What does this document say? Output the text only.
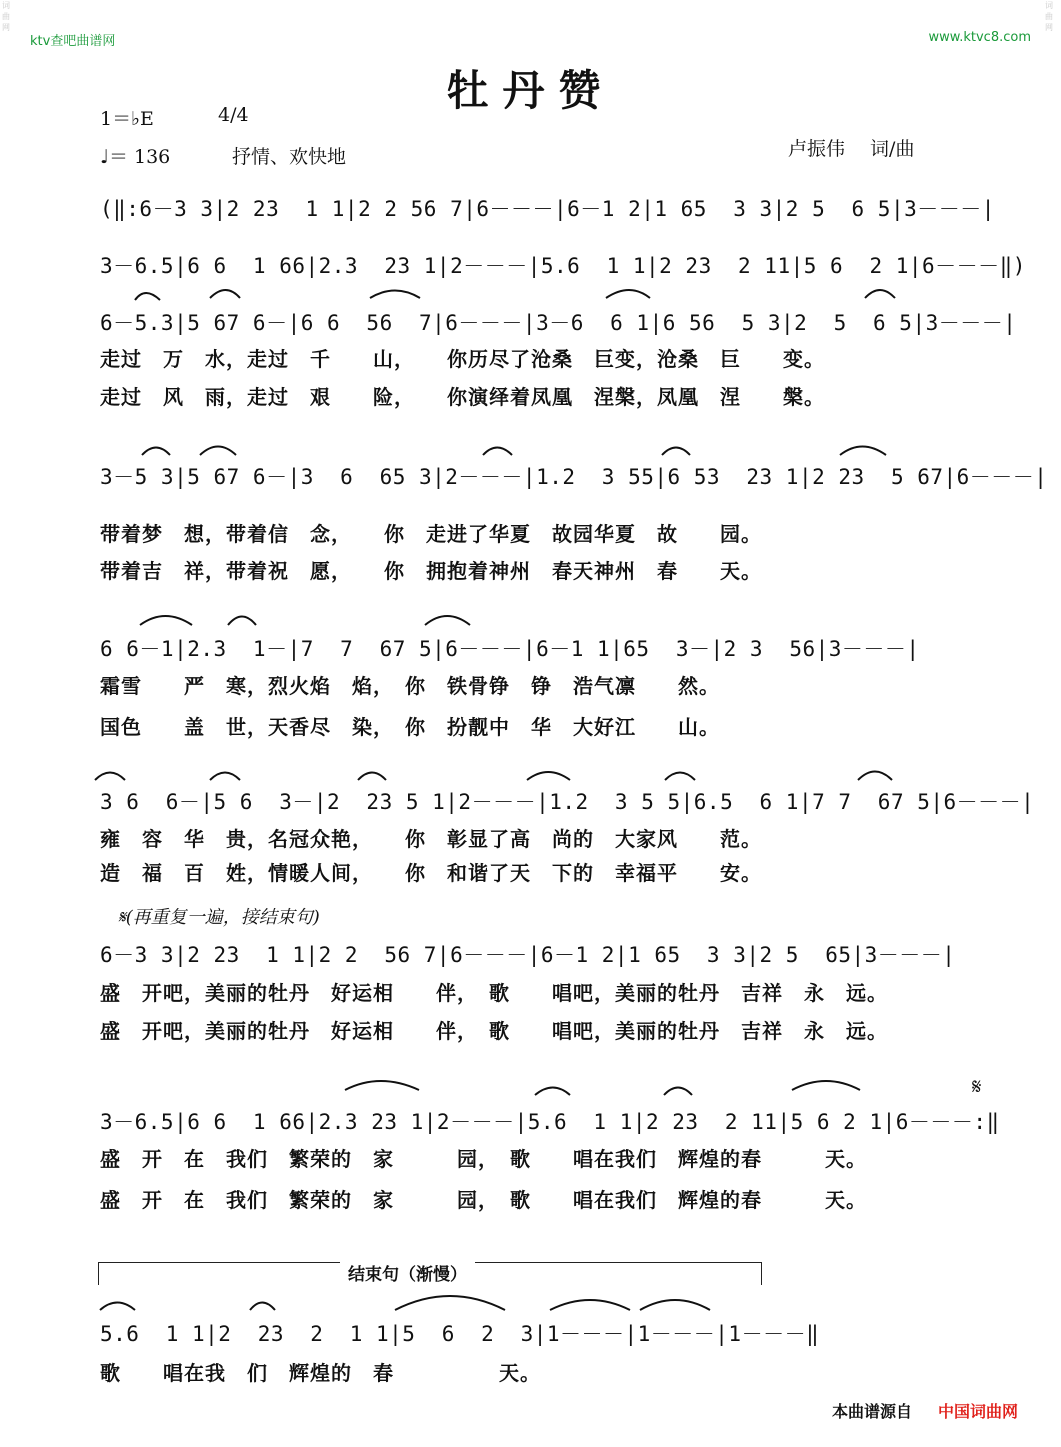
词曲网
词曲网
ktv查吧曲谱网	www.ktvc8.com
牡丹赞
1＝♭E	4/4
♩＝ 136	抒情、欢快地	卢振伟　 词/曲
(‖:6－3 3|2 23  1 1|2 2 56 7|6－－－|6－1 2|1 65  3 3|2 5  6 5|3－－－|
3－6.5|6 6  1 66|2.3  23 1|2－－－|5.6  1 1|2 23  2 11|5 6  2 1|6－－－‖)
6－5.3|5 67 6－|6 6  56  7|6－－－|3－6  6 1|6 56  5 3|2  5  6 5|3－－－|
走过　万　水，走过　千　　山，　　你历尽了沧桑　巨变，沧桑　巨　　变。
走过　风　雨，走过　艰　　险，　　你演绎着凤凰　涅槃，凤凰　涅　　槃。
3－5 3|5 67 6－|3  6  65 3|2－－－|1.2  3 55|6 53  23 1|2 23  5 67|6－－－|
带着梦　想，带着信　念，　　你　走进了华夏　故园华夏　故　　园。
带着吉　祥，带着祝　愿，　　你　拥抱着神州　春天神州　春　　天。
6 6－1|2.3  1－|7  7  67 5|6－－－|6－1 1|65  3－|2 3  56|3－－－|
霜雪　　严　寒，烈火焰　焰，　你　铁骨铮　铮　浩气凛　　然。
国色　　盖　世，天香尽　染，　你　扮靓中　华　大好江　　山。
3 6  6－|5 6  3－|2  23 5 1|2－－－|1.2  3 5 5|6.5  6 1|7 7  67 5|6－－－|
雍　容　华　贵，名冠众艳，　　你　彰显了高　尚的　大家风　　范。
造　福　百　姓，情暖人间，　　你　和谐了天　下的　幸福平　　安。
𝄋(再重复一遍，接结束句)
6－3 3|2 23  1 1|2 2  56 7|6－－－|6－1 2|1 65  3 3|2 5  65|3－－－|
盛　开吧，美丽的牡丹　好运相　　伴，　歌　　唱吧，美丽的牡丹　吉祥　永　远。
盛　开吧，美丽的牡丹　好运相　　伴，　歌　　唱吧，美丽的牡丹　吉祥　永　远。
𝄋
3－6.5|6 6  1 66|2.3 23 1|2－－－|5.6  1 1|2 23  2 11|5 6 2 1|6－－－:‖
盛　开　在　我们　繁荣的　家　　　园，　歌　　唱在我们　辉煌的春　　　天。
盛　开　在　我们　繁荣的　家　　　园，　歌　　唱在我们　辉煌的春　　　天。
结束句（渐慢）
5.6  1 1|2  23  2  1 1|5  6  2  3|1－－－|1－－－|1－－－‖
歌　　唱在我　们　辉煌的　春　　　　　天。
本曲谱源自 中国词曲网
